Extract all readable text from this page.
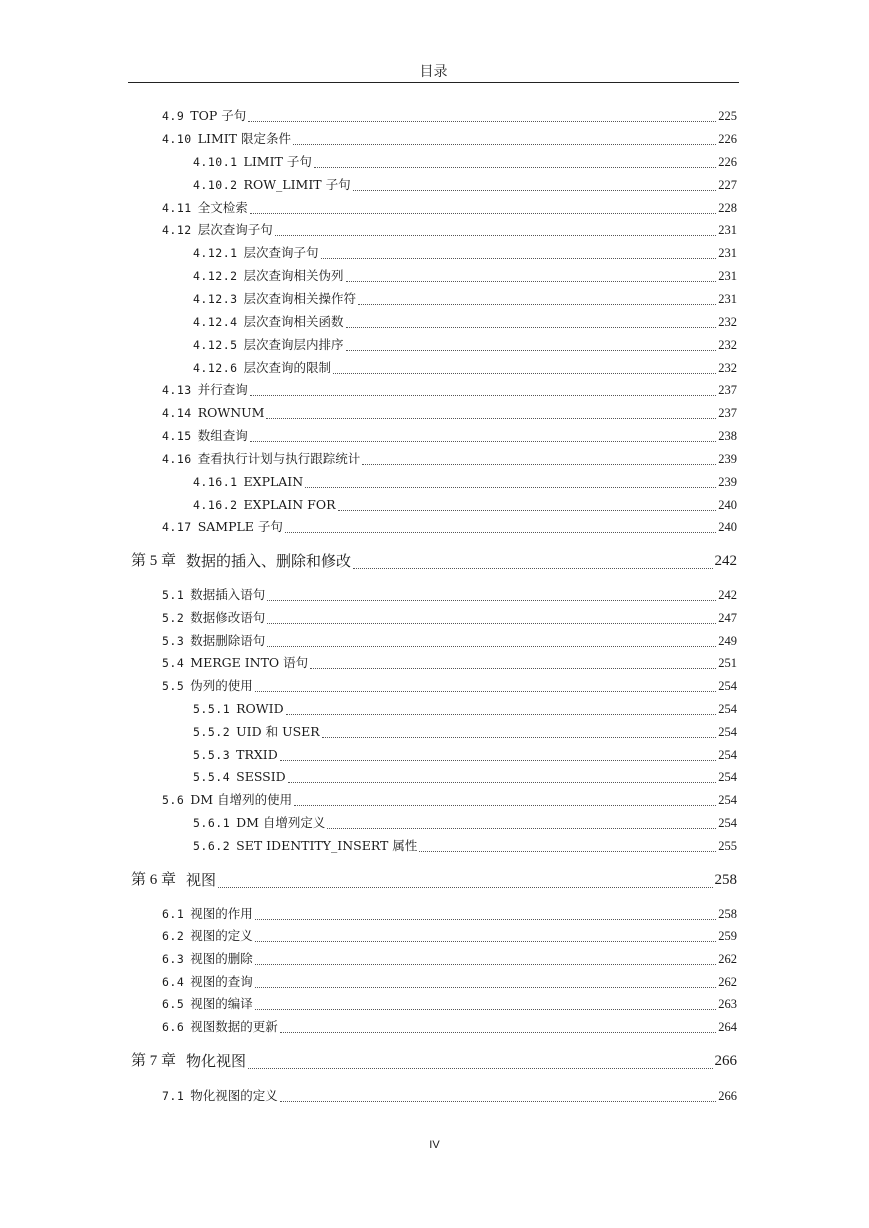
目录
4.9 TOP 子句	225
4.10 LIMIT 限定条件	226
4.10.1 LIMIT 子句	226
4.10.2 ROW_LIMIT 子句	227
4.11 全文检索	228
4.12 层次查询子句	231
4.12.1 层次查询子句	231
4.12.2 层次查询相关伪列	231
4.12.3 层次查询相关操作符	231
4.12.4 层次查询相关函数	232
4.12.5 层次查询层内排序	232
4.12.6 层次查询的限制	232
4.13 并行查询	237
4.14 ROWNUM	237
4.15 数组查询	238
4.16 查看执行计划与执行跟踪统计	239
4.16.1 EXPLAIN	239
4.16.2 EXPLAIN FOR	240
4.17 SAMPLE 子句	240
第 5 章 数据的插入、删除和修改	242
5.1 数据插入语句	242
5.2 数据修改语句	247
5.3 数据删除语句	249
5.4 MERGE INTO 语句	251
5.5 伪列的使用	254
5.5.1 ROWID	254
5.5.2 UID 和 USER	254
5.5.3 TRXID	254
5.5.4 SESSID	254
5.6 DM 自增列的使用	254
5.6.1 DM 自增列定义	254
5.6.2 SET IDENTITY_INSERT 属性	255
第 6 章 视图	258
6.1 视图的作用	258
6.2 视图的定义	259
6.3 视图的删除	262
6.4 视图的查询	262
6.5 视图的编译	263
6.6 视图数据的更新	264
第 7 章 物化视图	266
7.1 物化视图的定义	266
IV
